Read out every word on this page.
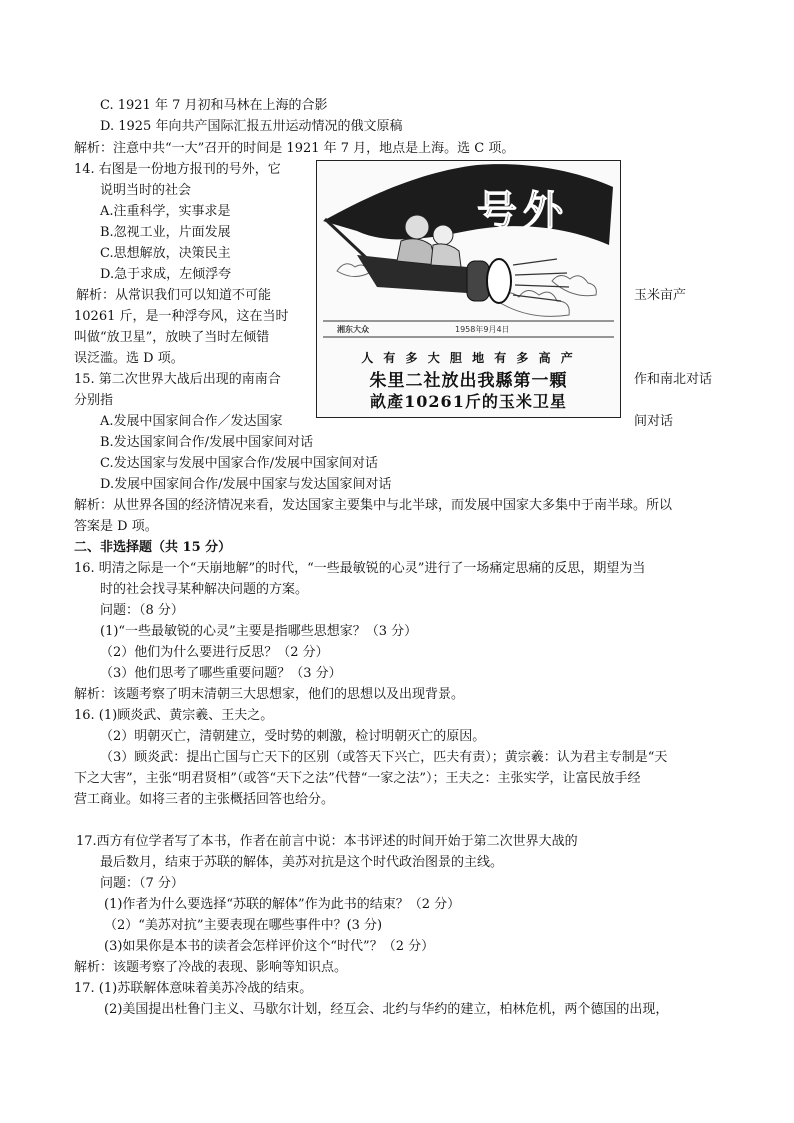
C. 1921 年 7 月初和马林在上海的合影
D. 1925 年向共产国际汇报五卅运动情况的俄文原稿
解析：注意中共“一大”召开的时间是 1921 年 7 月，地点是上海。选 C 项。
14. 右图是一份地方报刊的号外，它
说明当时的社会
A.注重科学，实事求是
B.忽视工业，片面发展
C.思想解放，决策民主
D.急于求成，左倾浮夸
解析：从常识我们可以知道不可能	玉米亩产
10261 斤，是一种浮夸风，这在当时
叫做“放卫星”，放映了当时左倾错
误泛滥。选 D 项。
15. 第二次世界大战后出现的南南合	作和南北对话
分别指
A.发展中国家间合作／发达国家	间对话
B.发达国家间合作/发展中国家间对话
C.发达国家与发展中国家合作/发展中国家间对话
D.发展中国家间合作/发展中国家与发达国家间对话
解析：从世界各国的经济情况来看，发达国家主要集中与北半球，而发展中国家大多集中于南半球。所以
答案是 D 项。
二、非选择题（共 15 分）
16. 明清之际是一个“天崩地解”的时代，“一些最敏锐的心灵”进行了一场痛定思痛的反思，期望为当
时的社会找寻某种解决问题的方案。
问题：（8 分）
(1)“一些最敏锐的心灵”主要是指哪些思想家？（3 分）
（2）他们为什么要进行反思？（2 分）
（3）他们思考了哪些重要问题？（3 分）
解析：该题考察了明末清朝三大思想家，他们的思想以及出现背景。
16. (1)顾炎武、黄宗羲、王夫之。
（2）明朝灭亡，清朝建立，受时势的刺激，检讨明朝灭亡的原因。
（3）顾炎武：提出亡国与亡天下的区别（或答天下兴亡，匹夫有责）；黄宗羲：认为君主专制是“天
下之大害”，主张“明君贤相”（或答“天下之法”代替“一家之法”）；王夫之：主张实学，让富民放手经
营工商业。如将三者的主张概括回答也给分。
17.西方有位学者写了本书，作者在前言中说：本书评述的时间开始于第二次世界大战的
最后数月，结束于苏联的解体，美苏对抗是这个时代政治图景的主线。
问题：（7 分）
(1)作者为什么要选择“苏联的解体”作为此书的结束？（2 分）
（2）“美苏对抗”主要表现在哪些事件中？(3 分)
(3)如果你是本书的读者会怎样评价这个“时代”？（2 分）
解析：该题考察了冷战的表现、影响等知识点。
17. (1)苏联解体意味着美苏冷战的结束。
(2)美国提出杜鲁门主义、马歇尔计划，经互会、北约与华约的建立，柏林危机，两个德国的出现，
号外
湘东大众	1958年9月4日
人 有 多 大 胆 地 有 多 高 产
朱里二社放出我縣第一顆
畝產10261斤的玉米卫星
